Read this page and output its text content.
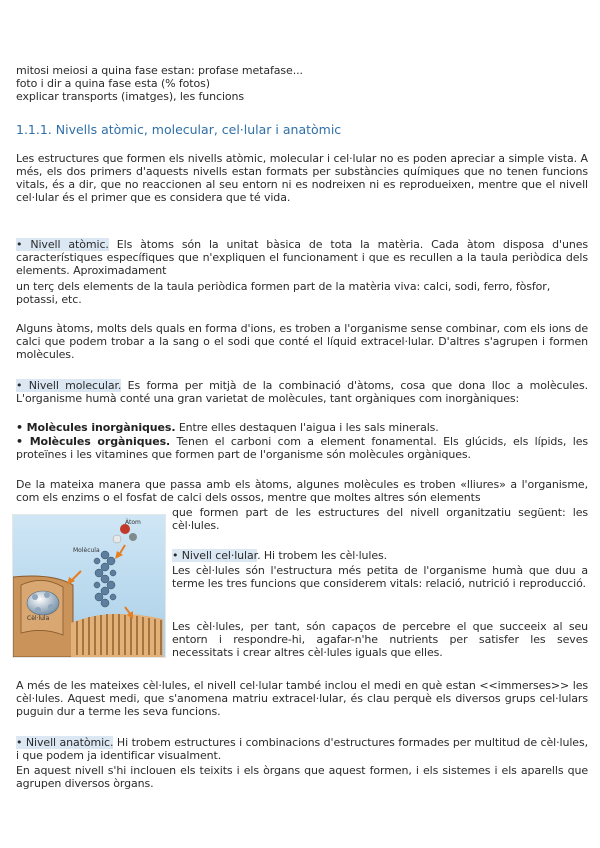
mitosi meiosi a quina fase estan: profase metafase...
foto i dir a quina fase esta (% fotos)
explicar transports (imatges), les funcions
1.1.1. Nivells atòmic, molecular, cel·lular i anatòmic
Les estructures que formen els nivells atòmic, molecular i cel·lular no es poden apreciar a simple vista. A més, els dos primers d'aquests nivells estan formats per substàncies químiques que no tenen funcions vitals, és a dir, que no reaccionen al seu entorn ni es nodreixen ni es reprodueixen, mentre que el nivell cel·lular és el primer que es considera que té vida.
• Nivell atòmic. Els àtoms són la unitat bàsica de tota la matèria. Cada àtom disposa d'unes característiques específiques que n'expliquen el funcionament i que es recullen a la taula periòdica dels elements. Aproximadament
un terç dels elements de la taula periòdica formen part de la matèria viva: calci, sodi, ferro, fòsfor, potassi, etc.
Alguns àtoms, molts dels quals en forma d'ions, es troben a l'organisme sense combinar, com els ions de calci que podem trobar a la sang o el sodi que conté el líquid extracel·lular. D'altres s'agrupen i formen molècules.
• Nivell molecular. Es forma per mitjà de la combinació d'àtoms, cosa que dona lloc a molècules. L'organisme humà conté una gran varietat de molècules, tant orgàniques com inorgàniques:
• Molècules inorgàniques. Entre elles destaquen l'aigua i les sals minerals.
• Molècules orgàniques. Tenen el carboni com a element fonamental. Els glúcids, els lípids, les proteïnes i les vitamines que formen part de l'organisme són molècules orgàniques.
De la mateixa manera que passa amb els àtoms, algunes molècules es troben «lliures» a l'organisme, com els enzims o el fosfat de calci dels ossos, mentre que moltes altres són elements
que formen part de les estructures del nivell organitzatiu següent: les cèl·lules.
Àtom
Molècula
Cèl·lula
• Nivell cel·lular. Hi trobem les cèl·lules.
Les cèl·lules són l'estructura més petita de l'organisme humà que duu a terme les tres funcions que considerem vitals: relació, nutrició i reproducció.
Les cèl·lules, per tant, són capaços de percebre el que succeeix al seu entorn i respondre-hi, agafar-n'he nutrients per satisfer les seves necessitats i crear altres cèl·lules iguals que elles.
A més de les mateixes cèl·lules, el nivell cel·lular també inclou el medi en què estan <<immerses>> les cèl·lules. Aquest medi, que s'anomena matriu extracel·lular, és clau perquè els diversos grups cel·lulars puguin dur a terme les seva funcions.
• Nivell anatòmic. Hi trobem estructures i combinacions d'estructures formades per multitud de cèl·lules, i que podem ja identificar visualment.
En aquest nivell s'hi inclouen els teixits i els òrgans que aquest formen, i els sistemes i els aparells que agrupen diversos òrgans.
